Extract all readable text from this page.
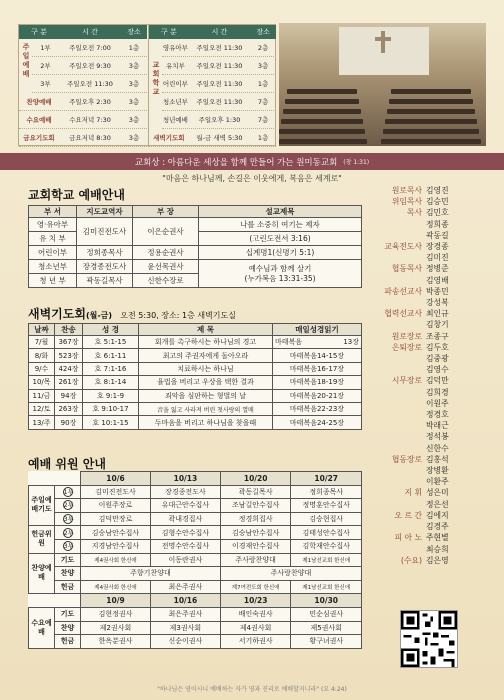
구 분	시 간	장소
주일예배
1부	주일오전 7:00	1층
2부	주일오전 9:30	3층
3부	주일오전 11:30	3층
찬양예배	주일오후 2:30	3층
수요예배	수요저녁 7:30	3층
금요기도회	금요저녁 8:30	3층
구 분	시 간	장소
교회학교
영유아부	주일오전 11:30	2층
유치부	주일오전 11:30	3층
어린이부	주일오전 11:30	1층
청소년부	주일오전 11:30	7층
청년예배	주일오후 1:30	7층
새벽기도회	월-금 새벽 5:30	1층
교회상 : 아름다운 세상을 함께 만들어 가는 원미동교회 (창 1:31)
"마음은 하나님께, 손길은 이웃에게, 복음은 세계로"
교회학교 예배안내
부 서	지도교역자	부 장	설교제목
영·유아부	김미진전도사	이은순권사	나를 소중히 여기는 제자
유 치 부			(고린도전서 3:16)
어린이부	정희종목사	정용순권사	십계명1(신명기 5:1)
청소년부	장경종전도사	윤선목권사	예수님과 함께 살기
(누가복음 13:31-35)
청 년 부	곽동길목사	신한수장로	
새벽기도회(월-금) 오전 5:30, 장소: 1층 새벽기도실
날짜	찬송	성 경	제 목	매일성경읽기
7/월	367장	호 5:1-15	회개를 촉구하시는 하나님의 경고	마태복음 13장

8/화	523장	호 6:1-11	최고의 주권자에게 돌아오라	마태복음14-15장
9/수	424장	호 7:1-16	치료하시는 하나님	마태복음16-17장
10/목	261장	호 8:1-14	율법을 버리고 우상을 택한 결과	마태복음18-19장
11/금	94장	호 9:1-9	죄악을 심판하는 형벌의 날	마태복음20-21장
12/토	263장	호 9:10-17	音을 잃고 사라져 버린 첫사랑의 열매	마태복음22-23장
13/주	90장	호 10:1-15	두마음을 버리고 하나님을 찾을때	마태복음24-25장
예배 위원 안내
		10/6	10/13	10/20	10/27
주일예배기도	1부	김미진전도사	장경종전도사	곽동길목사	정희종목사
	2부	이원주장로	유대근안수집사	조남길안수집사	정명훈안수집사
	3부	김덕만장로	곽내경집사	정경희집사	김승현집사
헌금위원	2부	김승남안수집사	김형수안수집사	김승남안수집사	김태성안수집사
	3부	지경남안수집사	전명수안수집사	이경재안수집사	김학재안수집사
찬양예배	기도	제4권사회 한신애	이동란권사	주사랑찬양대	제1남선교회 한신애
	찬양	주향기찬양대		주사랑찬양대	
	헌금	제4권사회 한신애	최은주권사	제7여전도회 한신애	제1남선교회 한신애
		10/9	10/16	10/23	10/30
수요예배	기도	김현정권사	최은주권사	배인숙권사	민순심권사
	찬양	제2권사회	제3권사회	제4권사회	제5권사회
	헌금	한옥분권사	신순이권사	서기하권사	황구녀권사
원로목사 김영진
위임목사 김승민
목사 김민호
정희종
곽동길
교육전도사 장경종
김미진
협동목사 정병준
김영배
파송선교사 박종민
강성복
협력선교사 최인규
김창기
원로장로 조종구
은퇴장로 김두호
김중광
김영수
시무장로 김덕만
김희경
이원주
정경호
박래근
정석봉
신한수
협동장로 김홍석
장병환
이환주
지 휘 성은미
정은선
오 르 간 김에지
김경주
피 아 노 주현별
최승희
(수요) 김은영
"하나님은 영이시니 예배하는 자가 영과 진리로 예배할지니라" (요 4:24)
